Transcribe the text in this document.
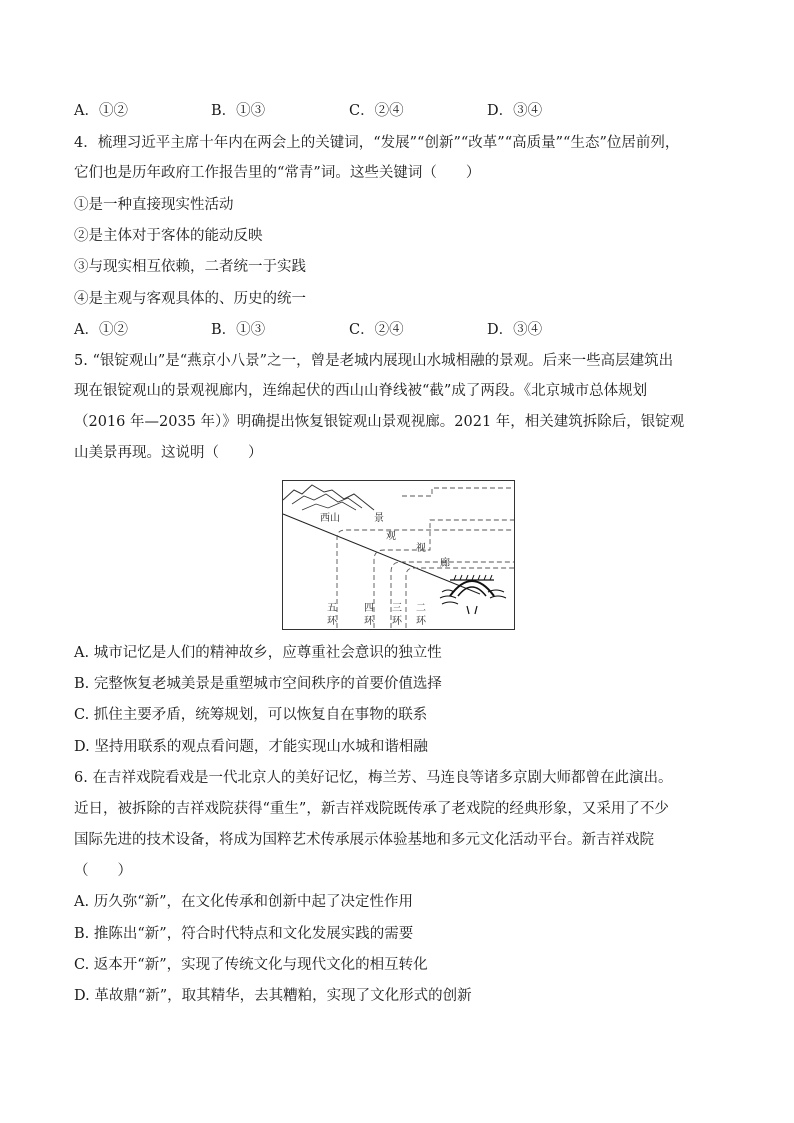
A．①②	B．①③	C．②④	D．③④
4．梳理习近平主席十年内在两会上的关键词，“发展”“创新”“改革”“高质量”“生态”位居前列，
它们也是历年政府工作报告里的“常青”词。这些关键词（　　）
①是一种直接现实性活动
②是主体对于客体的能动反映
③与现实相互依赖，二者统一于实践
④是主观与客观具体的、历史的统一
A．①②	B．①③	C．②④	D．③④
5. “银锭观山”是“燕京小八景”之一，曾是老城内展现山水城相融的景观。后来一些高层建筑出
现在银锭观山的景观视廊内，连绵起伏的西山山脊线被“截”成了两段。《北京城市总体规划
（2016 年—2035 年）》明确提出恢复银锭观山景观视廊。2021 年，相关建筑拆除后，银锭观
山美景再现。这说明（　　）
西山	景
观
视
廊
五
环
四
环
三
环
二
环
A. 城市记忆是人们的精神故乡，应尊重社会意识的独立性
B. 完整恢复老城美景是重塑城市空间秩序的首要价值选择
C. 抓住主要矛盾，统筹规划，可以恢复自在事物的联系
D. 坚持用联系的观点看问题，才能实现山水城和谐相融
6. 在吉祥戏院看戏是一代北京人的美好记忆，梅兰芳、马连良等诸多京剧大师都曾在此演出。
近日，被拆除的吉祥戏院获得“重生”，新吉祥戏院既传承了老戏院的经典形象，又采用了不少
国际先进的技术设备，将成为国粹艺术传承展示体验基地和多元文化活动平台。新吉祥戏院
（　　）
A. 历久弥“新”，在文化传承和创新中起了决定性作用
B. 推陈出“新”，符合时代特点和文化发展实践的需要
C. 返本开“新”，实现了传统文化与现代文化的相互转化
D. 革故鼎“新”，取其精华，去其糟粕，实现了文化形式的创新
